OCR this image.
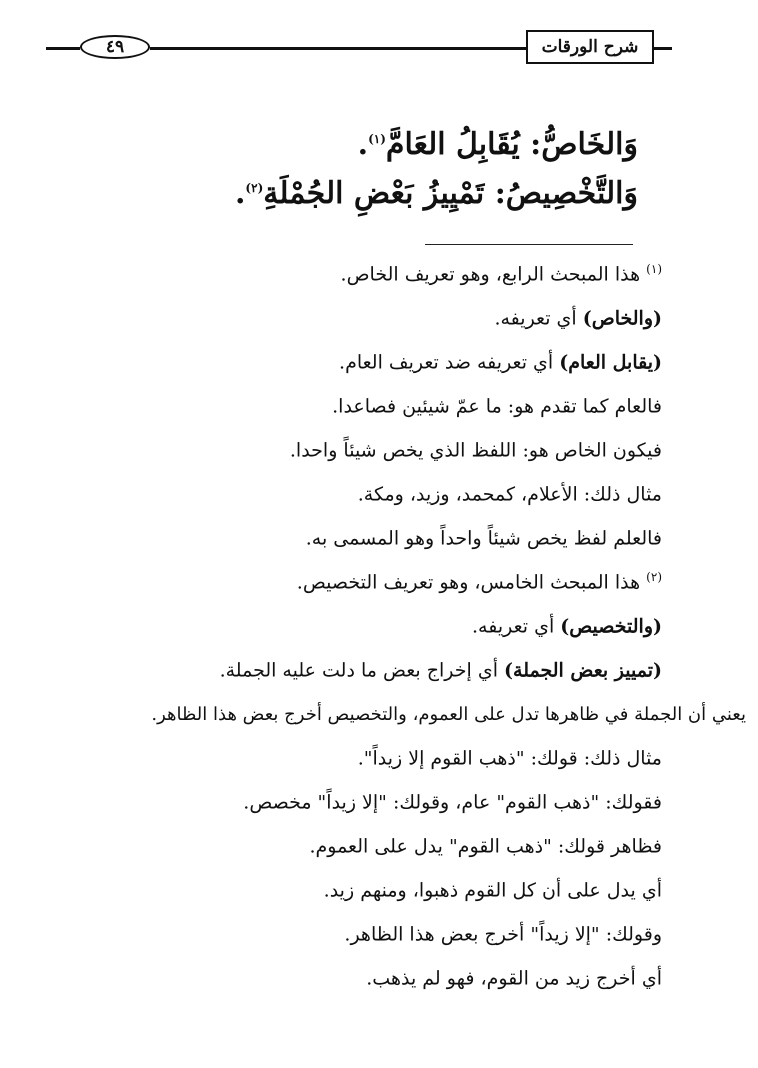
٤٩	شرح الورقات
وَالخَاصُّ: يُقَابِلُ العَامَّ$^{(١)}$.
وَالتَّخْصِيصُ: تَمْيِيزُ بَعْضِ الجُمْلَةِ$^{(٢)}$.
$^{(١)}$ هذا المبحث الرابع، وهو تعريف الخاص.
(والخاص) أي تعريفه.
(يقابل العام) أي تعريفه ضد تعريف العام.
فالعام كما تقدم هو: ما عمّ شيئين فصاعدا.
فيكون الخاص هو: اللفظ الذي يخص شيئاً واحدا.
مثال ذلك: الأعلام، كمحمد، وزيد، ومكة.
فالعلم لفظ يخص شيئاً واحداً وهو المسمى به.
$^{(٢)}$ هذا المبحث الخامس، وهو تعريف التخصيص.
(والتخصيص) أي تعريفه.
(تمييز بعض الجملة) أي إخراج بعض ما دلت عليه الجملة.
يعني أن الجملة في ظاهرها تدل على العموم، والتخصيص أخرج بعض هذا الظاهر.
مثال ذلك: قولك: "ذهب القوم إلا زيداً".
فقولك: "ذهب القوم" عام، وقولك: "إلا زيداً" مخصص.
فظاهر قولك: "ذهب القوم" يدل على العموم.
أي يدل على أن كل القوم ذهبوا، ومنهم زيد.
وقولك: "إلا زيداً" أخرج بعض هذا الظاهر.
أي أخرج زيد من القوم، فهو لم يذهب.
